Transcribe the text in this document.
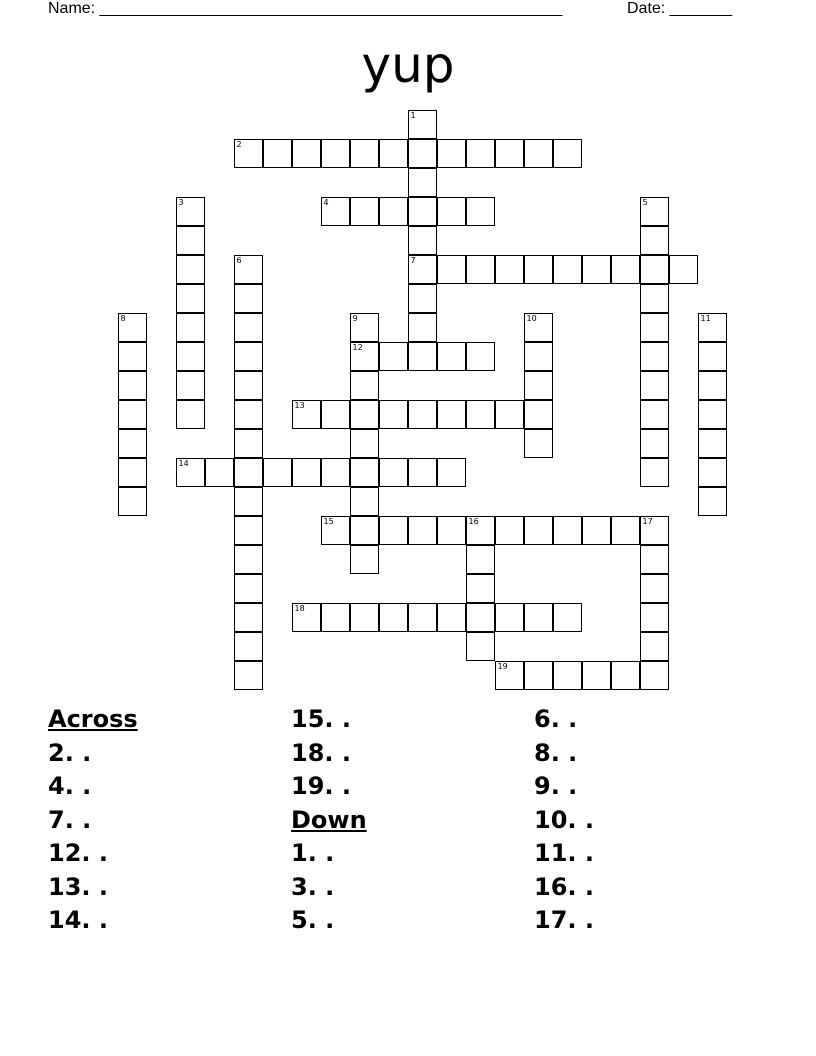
Name: ____________________________________________________	Date: _______
yup
1
7
2
3	4	5
6
8	9
12
10	11
13
14
15	16	17
18
19
Across
2. .
4. .
7. .
12. .
13. .
14. .
15. .
18. .
19. .
Down
1. .
3. .
5. .
6. .
8. .
9. .
10. .
11. .
16. .
17. .
